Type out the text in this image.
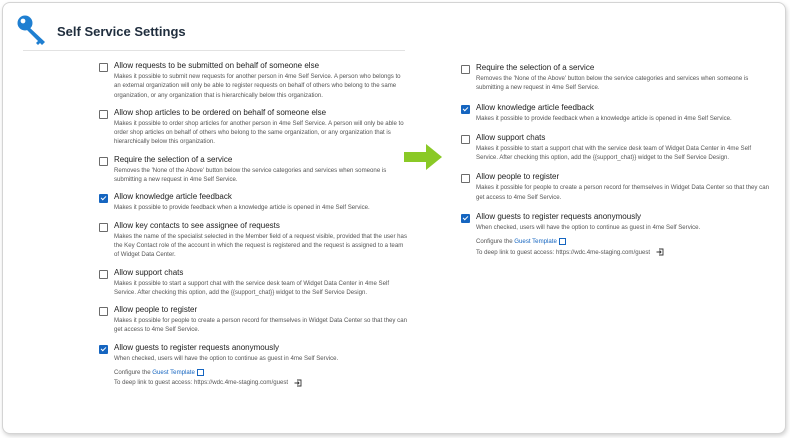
Self Service Settings
Allow requests to be submitted on behalf of someone else
Makes it possible to submit new requests for another person in 4me Self Service. A person who belongs to an external organization will only be able to register requests on behalf of others who belong to the same organization, or any organization that is hierarchically below this organization.
Allow shop articles to be ordered on behalf of someone else
Makes it possible to order shop articles for another person in 4me Self Service. A person will only be able to order shop articles on behalf of others who belong to the same organization, or any organization that is hierarchically below this organization.
Require the selection of a service
Removes the 'None of the Above' button below the service categories and services when someone is submitting a new request in 4me Self Service.
Allow knowledge article feedback
Makes it possible to provide feedback when a knowledge article is opened in 4me Self Service.
Allow key contacts to see assignee of requests
Makes the name of the specialist selected in the Member field of a request visible, provided that the user has the Key Contact role of the account in which the request is registered and the request is assigned to a team of Widget Data Center.
Allow support chats
Makes it possible to start a support chat with the service desk team of Widget Data Center in 4me Self Service. After checking this option, add the {{support_chat}} widget to the Self Service Design.
Allow people to register
Makes it possible for people to create a person record for themselves in Widget Data Center so that they can get access to 4me Self Service.
Allow guests to register requests anonymously
When checked, users will have the option to continue as guest in 4me Self Service.
Configure the Guest Template
To deep link to guest access: https://wdc.4me-staging.com/guest
Require the selection of a service
Removes the 'None of the Above' button below the service categories and services when someone is submitting a new request in 4me Self Service.
Allow knowledge article feedback
Makes it possible to provide feedback when a knowledge article is opened in 4me Self Service.
Allow support chats
Makes it possible to start a support chat with the service desk team of Widget Data Center in 4me Self Service. After checking this option, add the {{support_chat}} widget to the Self Service Design.
Allow people to register
Makes it possible for people to create a person record for themselves in Widget Data Center so that they can get access to 4me Self Service.
Allow guests to register requests anonymously
When checked, users will have the option to continue as guest in 4me Self Service.
Configure the Guest Template
To deep link to guest access: https://wdc.4me-staging.com/guest
